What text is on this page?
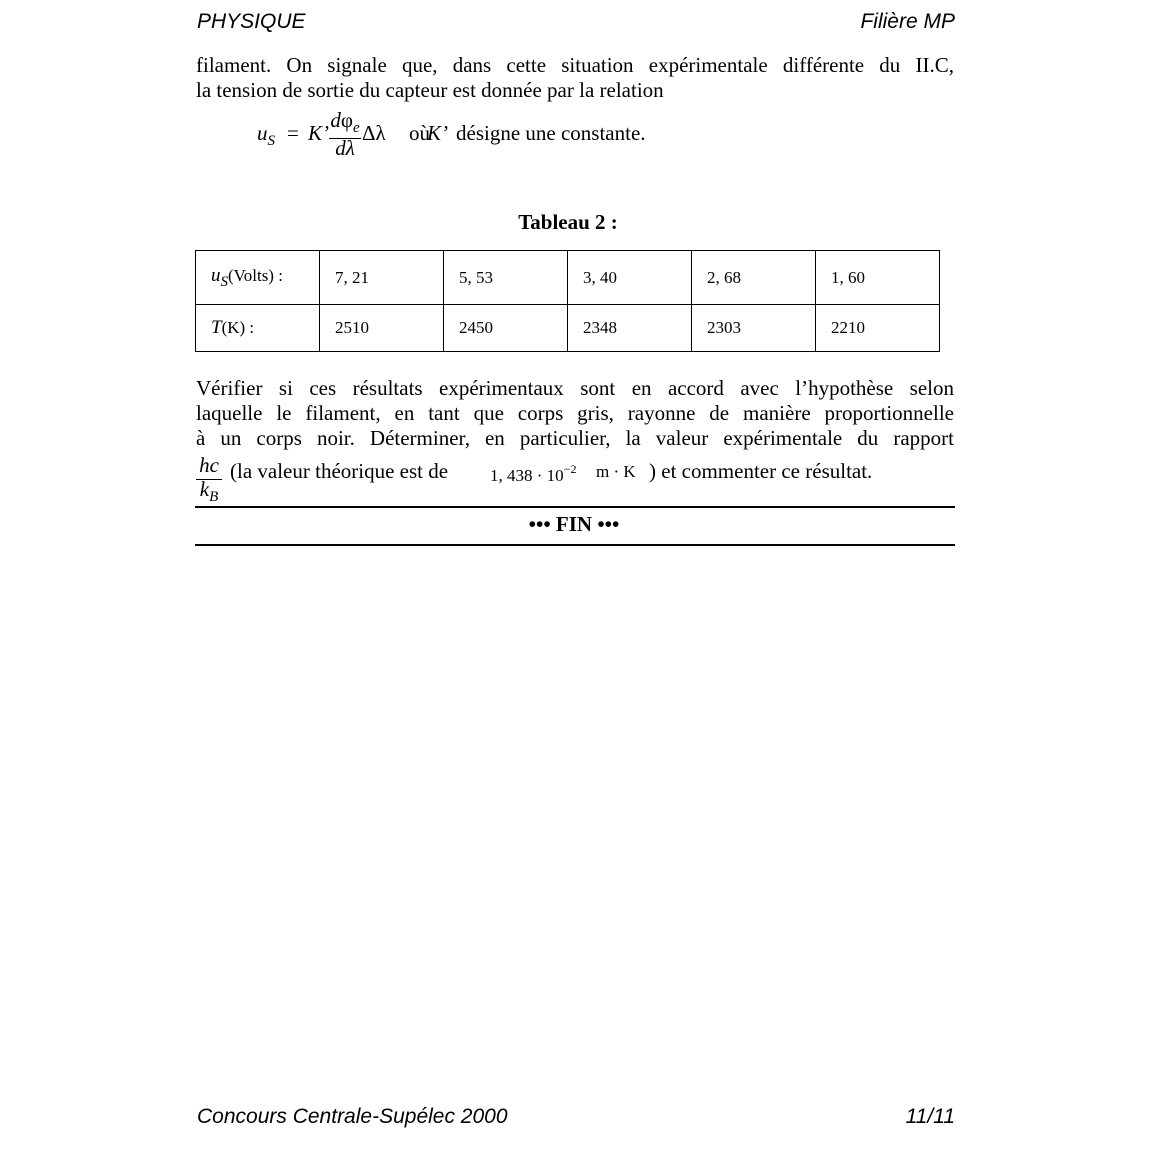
PHYSIQUE	Filière MP
filament. On signale que, dans cette situation expérimentale différente du II.C,
la tension de sortie du capteur est donnée par la relation
$u_S = K$’
$d\varphi_e$
dλ
Δλ où
K’ désigne une constante.
Tableau 2 :
$u_S(Volts)$ :	7, 21	5, 53	3, 40	2, 68	1, 60
T(K) :	2510	2450	2348	2303	2210
Vérifier si ces résultats expérimentaux sont en accord avec l’hypothèse selon
laquelle le filament, en tant que corps gris, rayonne de manière proportionnelle
à un corps noir. Déterminer, en particulier, la valeur expérimentale du rapport
hc
$k_B$
(la valeur théorique est de 1, $438 \cdot 10^{-2}$ m · K ) et commenter ce résultat.
••• FIN •••
Concours Centrale-Supélec 2000	11/11
